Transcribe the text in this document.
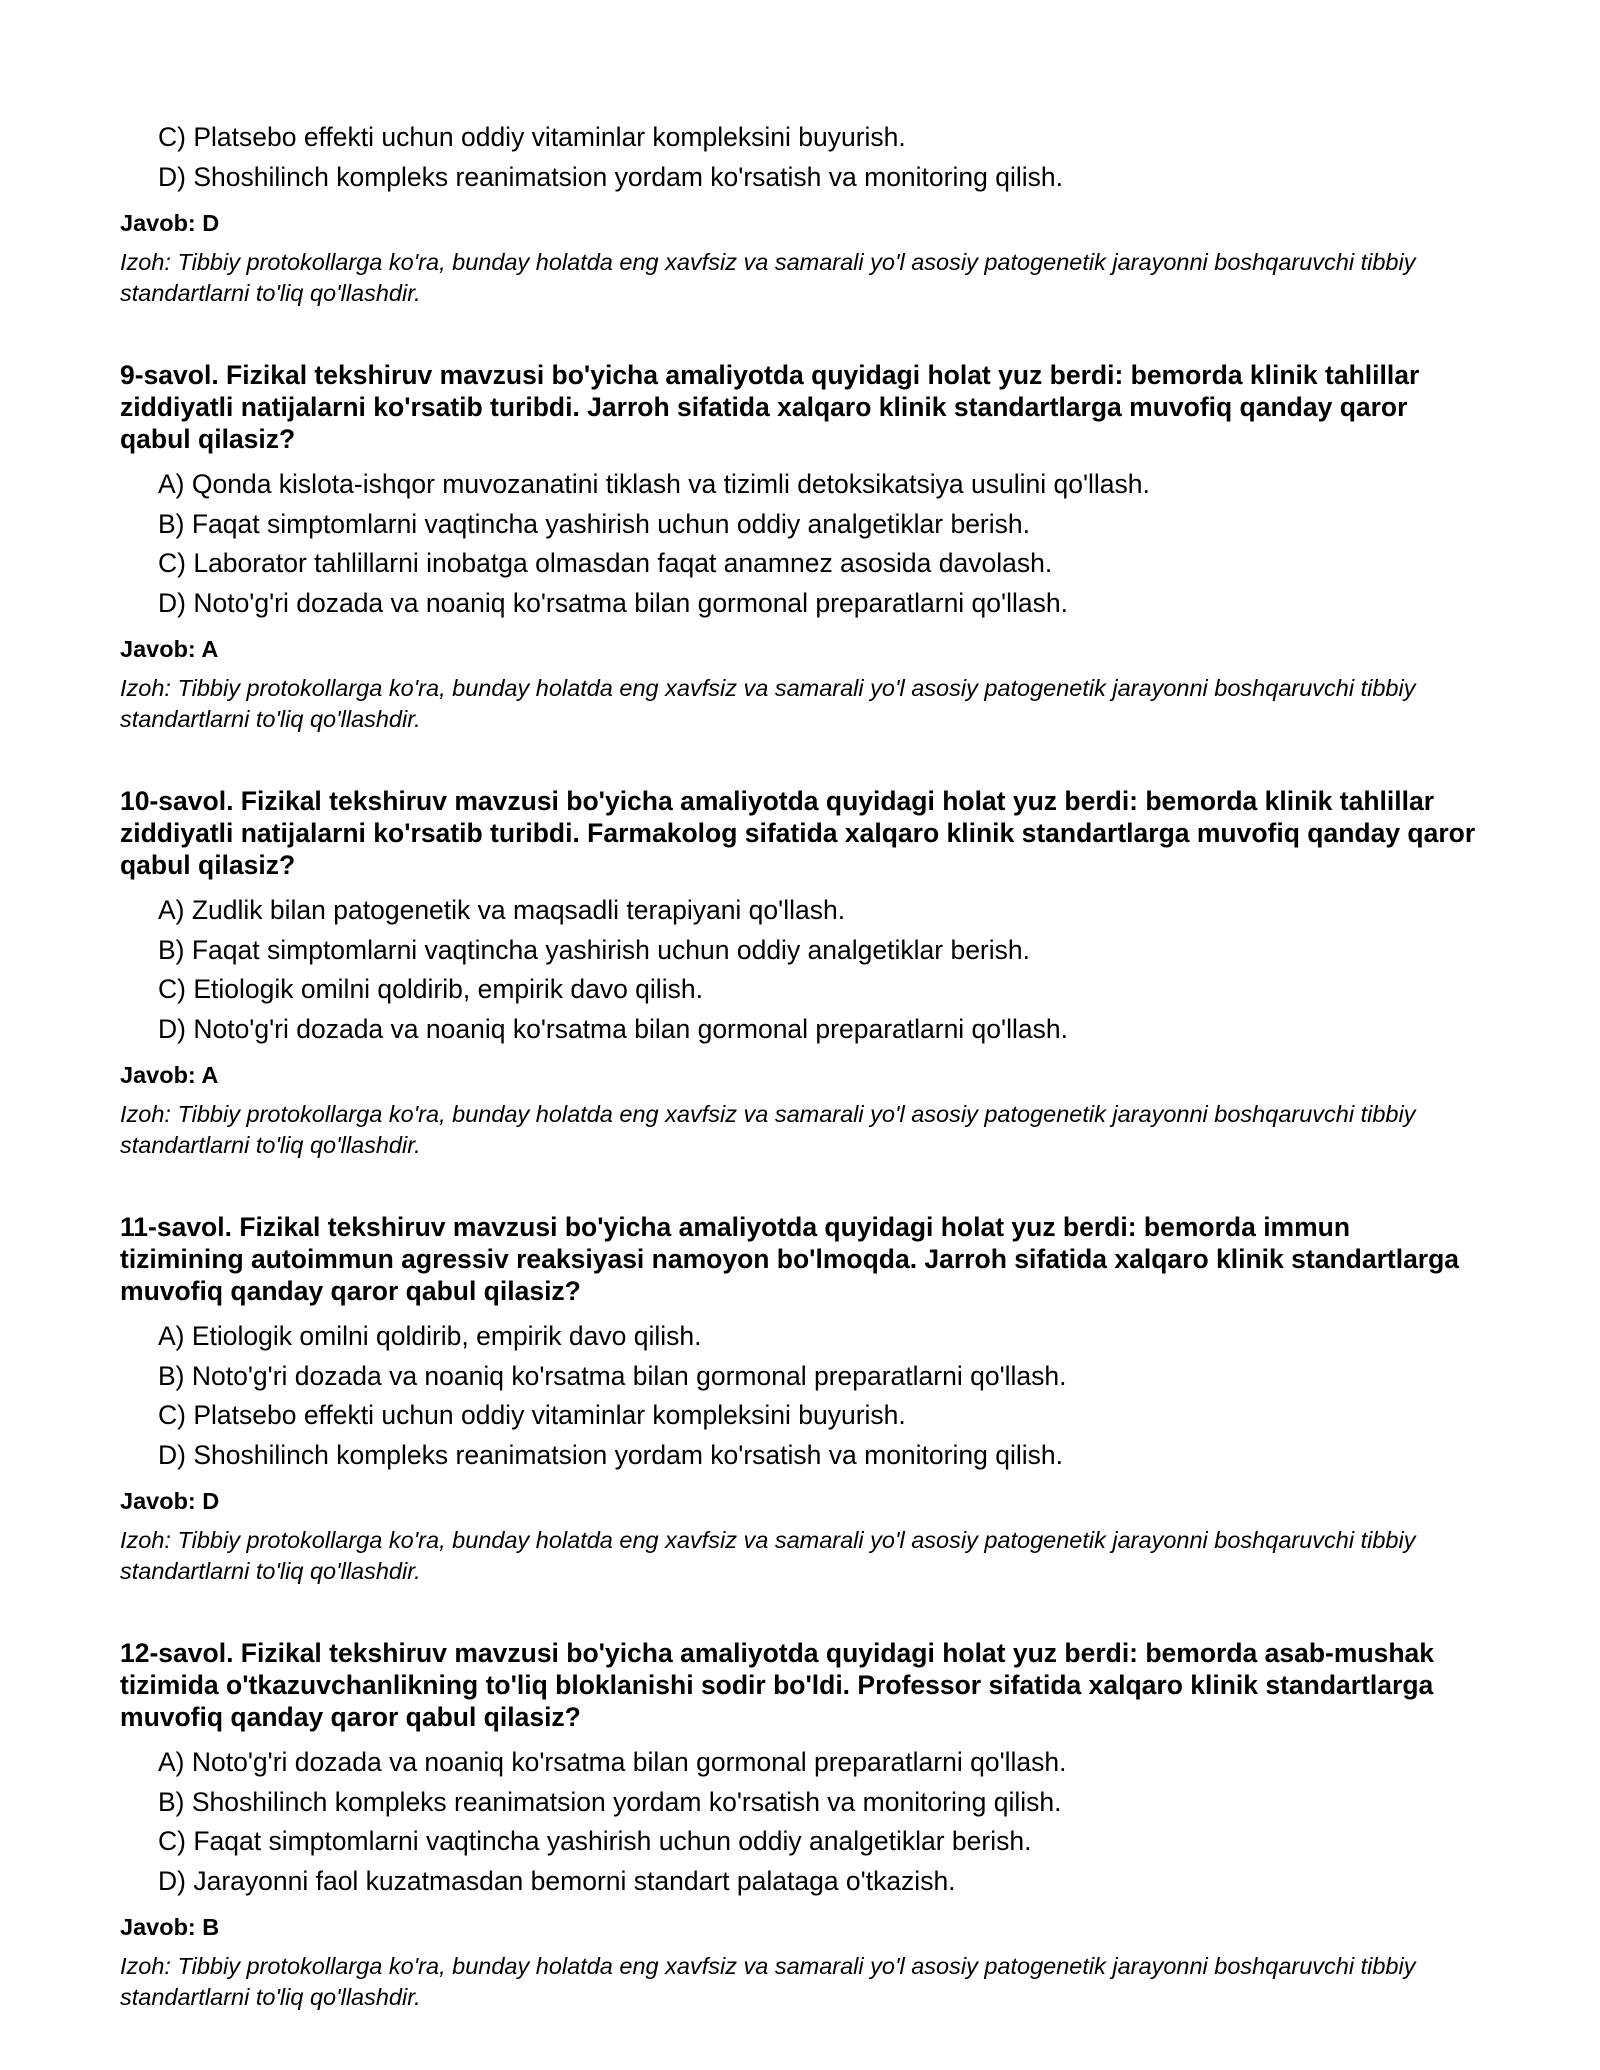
C) Platsebo effekti uchun oddiy vitaminlar kompleksini buyurish.
D) Shoshilinch kompleks reanimatsion yordam ko'rsatish va monitoring qilish.
Javob: D
Izoh: Tibbiy protokollarga ko'ra, bunday holatda eng xavfsiz va samarali yo'l asosiy patogenetik jarayonni boshqaruvchi tibbiy standartlarni to'liq qo'llashdir.
9-savol. Fizikal tekshiruv mavzusi bo'yicha amaliyotda quyidagi holat yuz berdi: bemorda klinik tahlillar ziddiyatli natijalarni ko'rsatib turibdi. Jarroh sifatida xalqaro klinik standartlarga muvofiq qanday qaror qabul qilasiz?
A) Qonda kislota-ishqor muvozanatini tiklash va tizimli detoksikatsiya usulini qo'llash.
B) Faqat simptomlarni vaqtincha yashirish uchun oddiy analgetiklar berish.
C) Laborator tahlillarni inobatga olmasdan faqat anamnez asosida davolash.
D) Noto'g'ri dozada va noaniq ko'rsatma bilan gormonal preparatlarni qo'llash.
Javob: A
Izoh: Tibbiy protokollarga ko'ra, bunday holatda eng xavfsiz va samarali yo'l asosiy patogenetik jarayonni boshqaruvchi tibbiy standartlarni to'liq qo'llashdir.
10-savol. Fizikal tekshiruv mavzusi bo'yicha amaliyotda quyidagi holat yuz berdi: bemorda klinik tahlillar ziddiyatli natijalarni ko'rsatib turibdi. Farmakolog sifatida xalqaro klinik standartlarga muvofiq qanday qaror qabul qilasiz?
A) Zudlik bilan patogenetik va maqsadli terapiyani qo'llash.
B) Faqat simptomlarni vaqtincha yashirish uchun oddiy analgetiklar berish.
C) Etiologik omilni qoldirib, empirik davo qilish.
D) Noto'g'ri dozada va noaniq ko'rsatma bilan gormonal preparatlarni qo'llash.
Javob: A
Izoh: Tibbiy protokollarga ko'ra, bunday holatda eng xavfsiz va samarali yo'l asosiy patogenetik jarayonni boshqaruvchi tibbiy standartlarni to'liq qo'llashdir.
11-savol. Fizikal tekshiruv mavzusi bo'yicha amaliyotda quyidagi holat yuz berdi: bemorda immun tizimining autoimmun agressiv reaksiyasi namoyon bo'lmoqda. Jarroh sifatida xalqaro klinik standartlarga muvofiq qanday qaror qabul qilasiz?
A) Etiologik omilni qoldirib, empirik davo qilish.
B) Noto'g'ri dozada va noaniq ko'rsatma bilan gormonal preparatlarni qo'llash.
C) Platsebo effekti uchun oddiy vitaminlar kompleksini buyurish.
D) Shoshilinch kompleks reanimatsion yordam ko'rsatish va monitoring qilish.
Javob: D
Izoh: Tibbiy protokollarga ko'ra, bunday holatda eng xavfsiz va samarali yo'l asosiy patogenetik jarayonni boshqaruvchi tibbiy standartlarni to'liq qo'llashdir.
12-savol. Fizikal tekshiruv mavzusi bo'yicha amaliyotda quyidagi holat yuz berdi: bemorda asab-mushak tizimida o'tkazuvchanlikning to'liq bloklanishi sodir bo'ldi. Professor sifatida xalqaro klinik standartlarga muvofiq qanday qaror qabul qilasiz?
A) Noto'g'ri dozada va noaniq ko'rsatma bilan gormonal preparatlarni qo'llash.
B) Shoshilinch kompleks reanimatsion yordam ko'rsatish va monitoring qilish.
C) Faqat simptomlarni vaqtincha yashirish uchun oddiy analgetiklar berish.
D) Jarayonni faol kuzatmasdan bemorni standart palataga o'tkazish.
Javob: B
Izoh: Tibbiy protokollarga ko'ra, bunday holatda eng xavfsiz va samarali yo'l asosiy patogenetik jarayonni boshqaruvchi tibbiy standartlarni to'liq qo'llashdir.
